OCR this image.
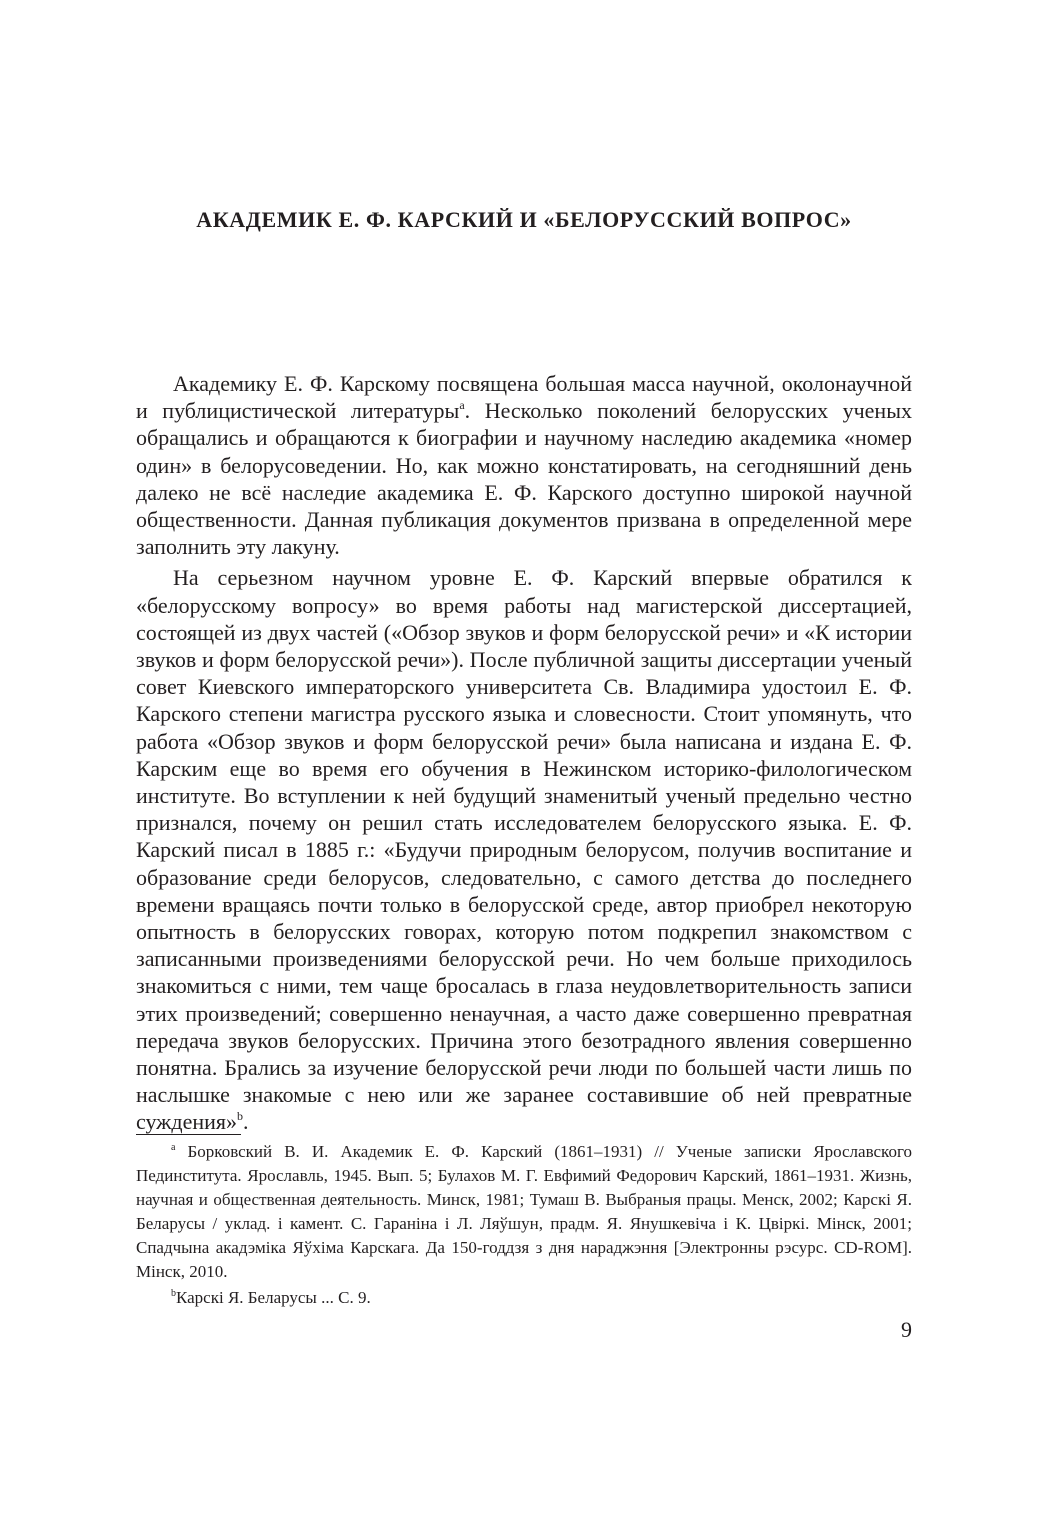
АКАДЕМИК Е. Ф. КАРСКИЙ И «БЕЛОРУССКИЙ ВОПРОС»

Академику Е. Ф. Карскому посвящена большая масса научной, околонаучной и публицистической литературы$^a$. Несколько поколений белорусских ученых обращались и обращаются к биографии и научному наследию академика «номер один» в белорусоведении. Но, как можно констатировать, на сегодняшний день далеко не всё наследие академика Е. Ф. Карского доступно широкой научной общественности. Данная публикация документов призвана в определенной мере заполнить эту лакуну.

На серьезном научном уровне Е. Ф. Карский впервые обратился к «белорусскому вопросу» во время работы над магистерской диссертацией, состоящей из двух частей («Обзор звуков и форм белорусской речи» и «К истории звуков и форм белорусской речи»). После публичной защиты диссертации ученый совет Киевского императорского университета Св. Владимира удостоил Е. Ф. Карского степени магистра русского языка и словесности. Стоит упомянуть, что работа «Обзор звуков и форм белорусской речи» была написана и издана Е. Ф. Карским еще во время его обучения в Нежинском историко-филологическом институте. Во вступлении к ней будущий знаменитый ученый предельно честно признался, почему он решил стать исследователем белорусского языка. Е. Ф. Карский писал в 1885 г.: «Будучи природным белорусом, получив воспитание и образование среди белорусов, следовательно, с самого детства до последнего времени вращаясь почти только в белорусской среде, автор приобрел некоторую опытность в белорусских говорах, которую потом подкрепил знакомством с записанными произведениями белорусской речи. Но чем больше приходилось знакомиться с ними, тем чаще бросалась в глаза неудовлетворительность записи этих произведений; совершенно ненаучная, а часто даже совершенно превратная передача звуков белорусских. Причина этого безотрадного явления совершенно понятна. Брались за изучение белорусской речи люди по большей части лишь по наслышке знакомые с нею или же заранее составившие об ней превратные суждения»$^b$.

$^a$ Борковский В. И. Академик Е. Ф. Карский (1861–1931) // Ученые записки Ярославского Пединститута. Ярославль, 1945. Вып. 5; Булахов М. Г. Евфимий Федорович Карский, 1861–1931. Жизнь, научная и общественная деятельность. Минск, 1981; Тумаш В. Выбраныя працы. Менск, 2002; Карскі Я. Беларусы / уклад. і камент. С. Гараніна і Л. Ляўшун, прадм. Я. Янушкевіча і К. Цвіркі. Мінск, 2001; Спадчына акадэміка Яўхіма Карскага. Да 150-годдзя з дня нараджэння [Электронны рэсурс. CD-ROM]. Мінск, 2010.

$^b$Карскі Я. Беларусы ... С. 9.

9
